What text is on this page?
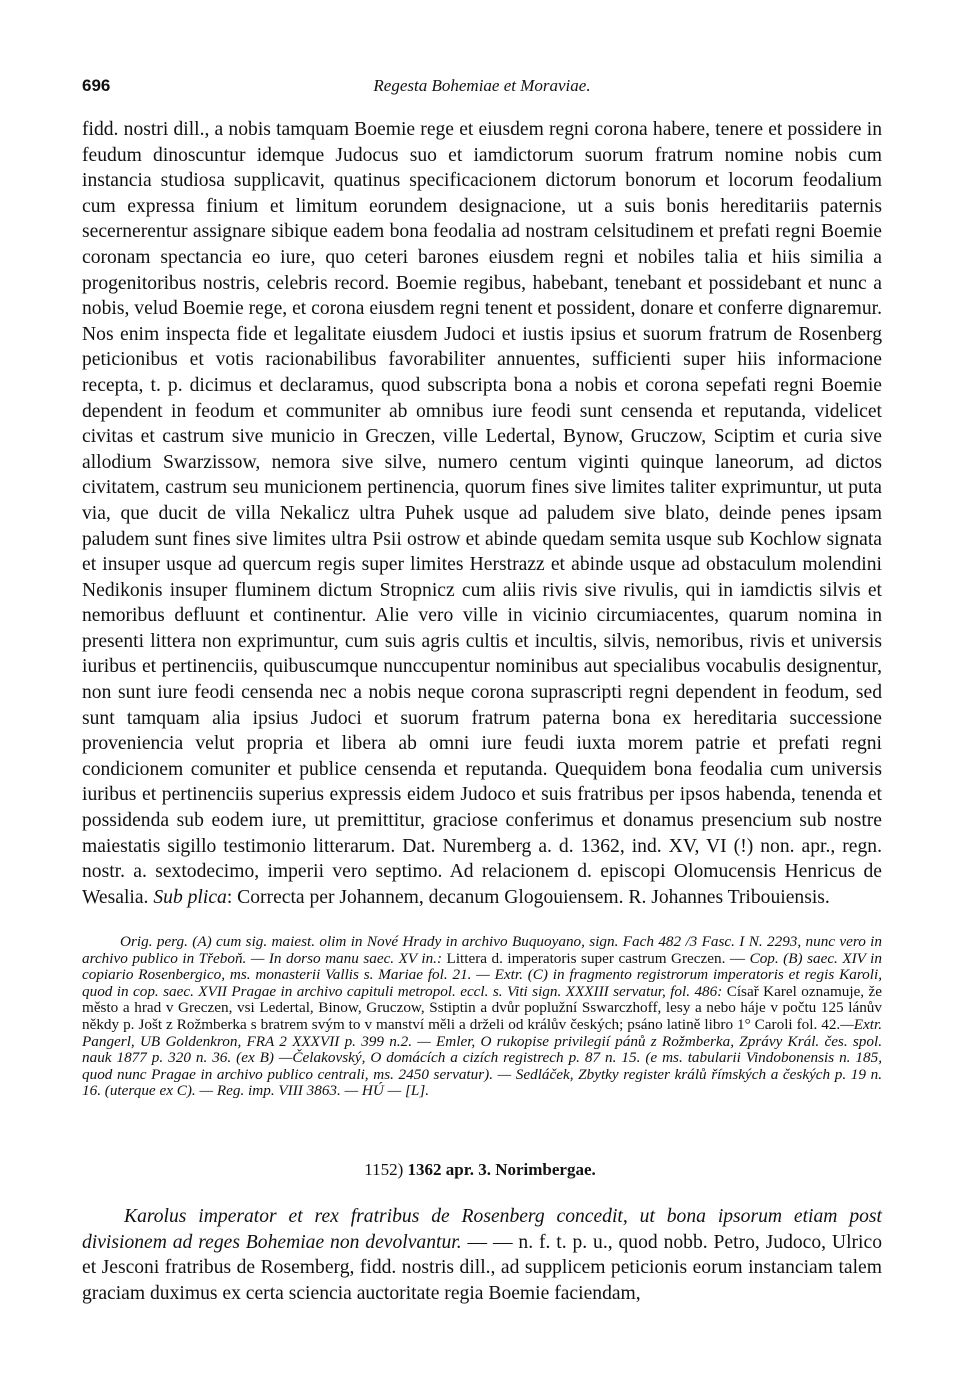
696	Regesta Bohemiae et Moraviae.

fidd. nostri dill., a nobis tamquam Boemie rege et eiusdem regni corona habere, tenere et possidere in feudum dinoscuntur idemque Judocus suo et iamdictorum suorum fratrum nomine nobis cum instancia studiosa supplicavit, quatinus specificacionem dictorum bonorum et locorum feodalium cum expressa finium et limitum eorundem designacione, ut a suis bonis hereditariis paternis secernerentur assignare sibique eadem bona feodalia ad nostram celsitudinem et prefati regni Boemie coronam spectancia eo iure, quo ceteri barones eiusdem regni et nobiles talia et hiis similia a progenitoribus nostris, celebris record. Boemie regibus, habebant, tenebant et possidebant et nunc a nobis, velud Boemie rege, et corona eiusdem regni tenent et possident, donare et conferre dignaremur. Nos enim inspecta fide et legalitate eiusdem Judoci et iustis ipsius et suorum fratrum de Rosenberg peticionibus et votis racionabilibus favorabiliter annuentes, sufficienti super hiis informacione recepta, t. p. dicimus et declaramus, quod subscripta bona a nobis et corona sepefati regni Boemie dependent in feodum et communiter ab omnibus iure feodi sunt censenda et reputanda, videlicet civitas et castrum sive municio in Greczen, ville Ledertal, Bynow, Gruczow, Sciptim et curia sive allodium Swarzissow, nemora sive silve, numero centum viginti quinque laneorum, ad dictos civitatem, castrum seu municionem pertinencia, quorum fines sive limites taliter exprimuntur, ut puta via, que ducit de villa Nekalicz ultra Puhek usque ad paludem sive blato, deinde penes ipsam paludem sunt fines sive limites ultra Psii ostrow et abinde quedam semita usque sub Kochlow signata et insuper usque ad quercum regis super limites Herstrazz et abinde usque ad obstaculum molendini Nedikonis insuper fluminem dictum Stropnicz cum aliis rivis sive rivulis, qui in iamdictis silvis et nemoribus defluunt et continentur. Alie vero ville in vicinio circumiacentes, quarum nomina in presenti littera non exprimuntur, cum suis agris cultis et incultis, silvis, nemoribus, rivis et universis iuribus et pertinenciis, quibuscumque nunccupentur nominibus aut specialibus vocabulis designentur, non sunt iure feodi censenda nec a nobis neque corona suprascripti regni dependent in feodum, sed sunt tamquam alia ipsius Judoci et suorum fratrum paterna bona ex hereditaria successione proveniencia velut propria et libera ab omni iure feudi iuxta morem patrie et prefati regni condicionem comuniter et publice censenda et reputanda. Quequidem bona feodalia cum universis iuribus et pertinenciis superius expressis eidem Judoco et suis fratribus per ipsos habenda, tenenda et possidenda sub eodem iure, ut premittitur, graciose conferimus et donamus presencium sub nostre maiestatis sigillo testimonio litterarum. Dat. Nuremberg a. d. 1362, ind. XV, VI (!) non. apr., regn. nostr. a. sextodecimo, imperii vero septimo. Ad relacionem d. episcopi Olomucensis Henricus de Wesalia. Sub plica: Correcta per Johannem, decanum Glogouiensem. R. Johannes Tribouiensis.

Orig. perg. (A) cum sig. maiest. olim in Nové Hrady in archivo Buquoyano, sign. Fach 482 /3 Fasc. I N. 2293, nunc vero in archivo publico in Třeboň. — In dorso manu saec. XV in.: Littera d. imperatoris super castrum Greczen. — Cop. (B) saec. XIV in copiario Rosenbergico, ms. monasterii Vallis s. Mariae fol. 21. — Extr. (C) in fragmento registrorum imperatoris et regis Karoli, quod in cop. saec. XVII Pragae in archivo capituli metropol. eccl. s. Viti sign. XXXIII servatur, fol. 486: Císař Karel oznamuje, že město a hrad v Greczen, vsi Ledertal, Binow, Gruczow, Sstiptin a dvůr poplužní Sswarczhoff, lesy a nebo háje v počtu 125 lánův někdy p. Jošt z Rožmberka s bratrem svým to v manství měli a drželi od králův českých; psáno latině libro 1° Caroli fol. 42.—Extr. Pangerl, UB Goldenkron, FRA 2 XXXVII p. 399 n.2. — Emler, O rukopise privilegií pánů z Rožmberka, Zprávy Král. čes. spol. nauk 1877 p. 320 n. 36. (ex B) —Čelakovský, O domácích a cizích registrech p. 87 n. 15. (e ms. tabularii Vindobonensis n. 185, quod nunc Pragae in archivo publico centrali, ms. 2450 servatur). — Sedláček, Zbytky register králů římských a českých p. 19 n. 16. (uterque ex C). — Reg. imp. VIII 3863. — HÚ — [L].

1152) 1362 apr. 3. Norimbergae.
Karolus imperator et rex fratribus de Rosenberg concedit, ut bona ipsorum etiam post divisionem ad reges Bohemiae non devolvantur. — — n. f. t. p. u., quod nobb. Petro, Judoco, Ulrico et Jesconi fratribus de Rosemberg, fidd. nostris dill., ad supplicem peticionis eorum instanciam talem graciam duximus ex certa sciencia auctoritate regia Boemie faciendam,
